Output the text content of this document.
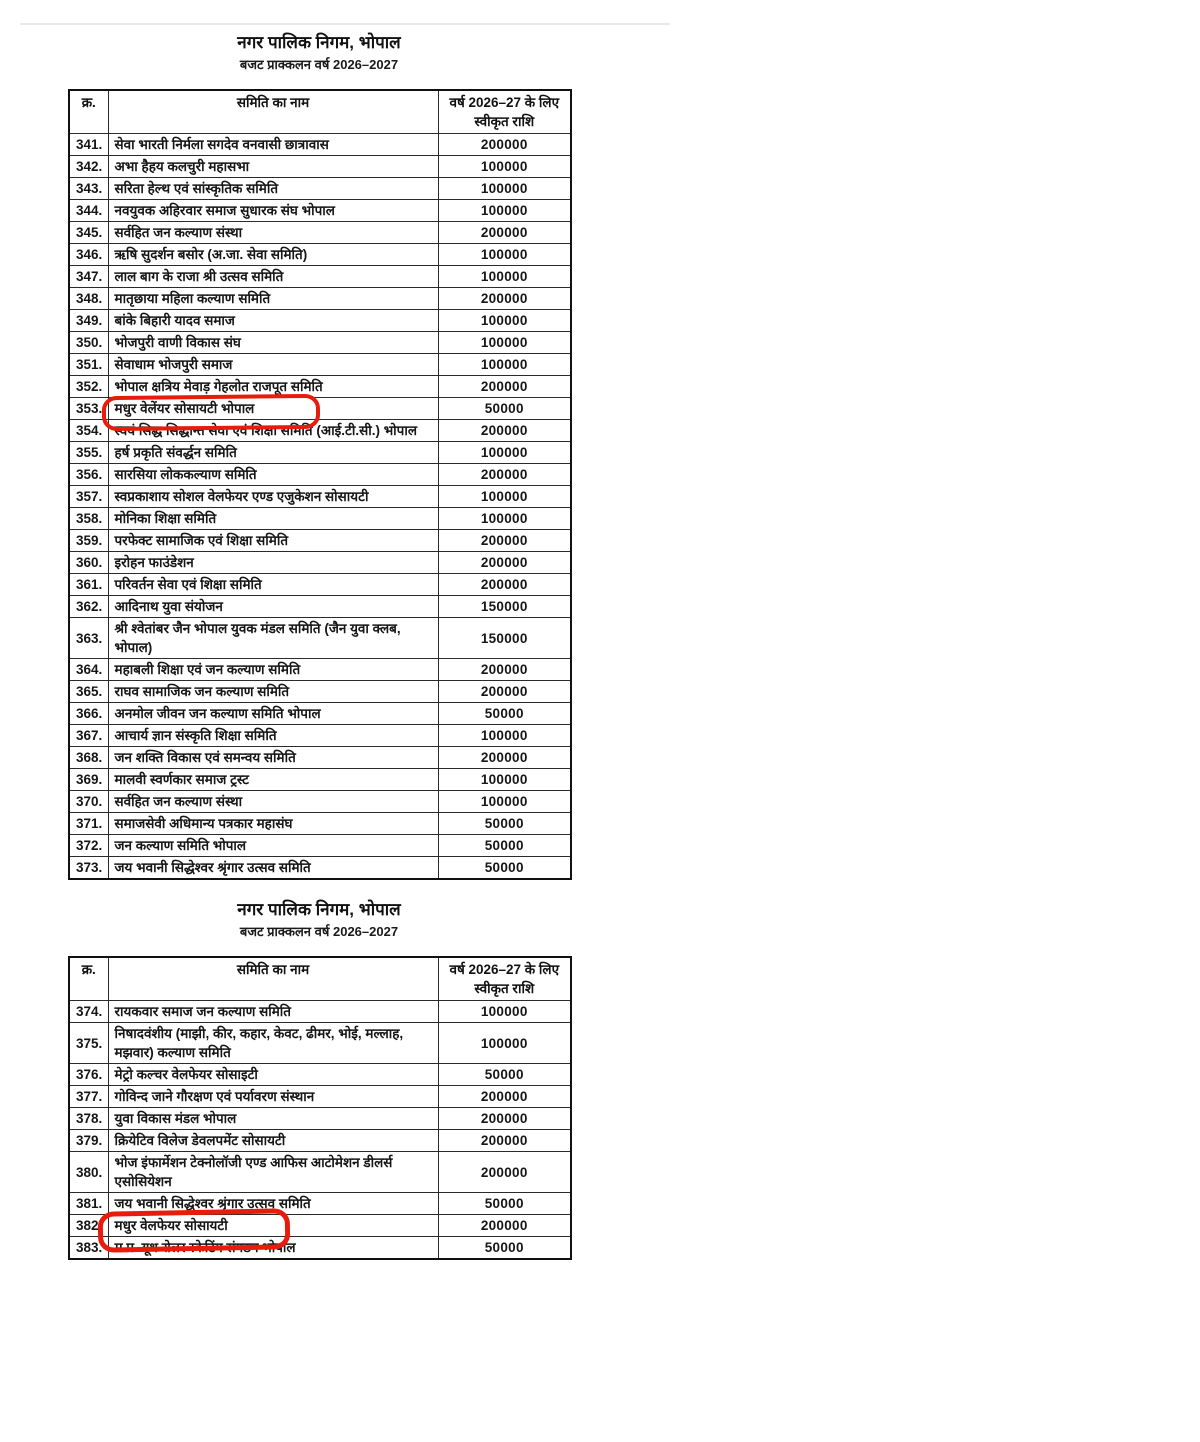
नगर पालिक निगम, भोपाल
बजट प्राक्कलन वर्ष 2026–2027
क्र.	समिति का नाम	वर्ष 2026–27 के लिए
स्वीकृत राशि

341.	सेवा भारती निर्मला सगदेव वनवासी छात्रावास	200000
342.	अभा हैहय कलचुरी महासभा	100000
343.	सरिता हेल्थ एवं सांस्कृतिक समिति	100000
344.	नवयुवक अहिरवार समाज सुधारक संघ भोपाल	100000
345.	सर्वहित जन कल्याण संस्था	200000
346.	ऋषि सुदर्शन बसोर (अ.जा. सेवा समिति)	100000
347.	लाल बाग के राजा श्री उत्सव समिति	100000
348.	मातृछाया महिला कल्याण समिति	200000
349.	बांके बिहारी यादव समाज	100000
350.	भोजपुरी वाणी विकास संघ	100000
351.	सेवाधाम भोजपुरी समाज	100000
352.	भोपाल क्षत्रिय मेवाड़ गेहलोत राजपूत समिति	200000
353.	मधुर वेलेंयर सोसायटी भोपाल	50000
354.	स्वयं सिद्ध सिद्धान्त सेवा एवं शिक्षा समिति (आई.टी.सी.) भोपाल	200000
355.	हर्ष प्रकृति संवर्द्धन समिति	100000
356.	सारसिया लोककल्याण समिति	200000
357.	स्वप्रकाशाय सोशल वेलफेयर एण्ड एजुकेशन सोसायटी	100000
358.	मोनिका शिक्षा समिति	100000
359.	परफेक्ट सामाजिक एवं शिक्षा समिति	200000
360.	इरोहन फाउंडेशन	200000
361.	परिवर्तन सेवा एवं शिक्षा समिति	200000
362.	आदिनाथ युवा संयोजन	150000
363.	श्री श्वेतांबर जैन भोपाल युवक मंडल समिति (जैन युवा क्लब, भोपाल)	150000
364.	महाबली शिक्षा एवं जन कल्याण समिति	200000
365.	राघव सामाजिक जन कल्याण समिति	200000
366.	अनमोल जीवन जन कल्याण समिति भोपाल	50000
367.	आचार्य ज्ञान संस्कृति शिक्षा समिति	100000
368.	जन शक्ति विकास एवं समन्वय समिति	200000
369.	मालवी स्वर्णकार समाज ट्रस्ट	100000
370.	सर्वहित जन कल्याण संस्था	100000
371.	समाजसेवी अधिमान्य पत्रकार महासंघ	50000
372.	जन कल्याण समिति भोपाल	50000
373.	जय भवानी सिद्धेश्वर श्रृंगार उत्सव समिति	50000
नगर पालिक निगम, भोपाल
बजट प्राक्कलन वर्ष 2026–2027
क्र.	समिति का नाम	वर्ष 2026–27 के लिए
स्वीकृत राशि

374.	रायकवार समाज जन कल्याण समिति	100000
375.	निषादवंशीय (माझी, कीर, कहार, केवट, ढीमर, भोई, मल्लाह, मझवार) कल्याण समिति	100000
376.	मेट्रो कल्चर वेलफेयर सोसाइटी	50000
377.	गोविन्द जाने गौरक्षण एवं पर्यावरण संस्थान	200000
378.	युवा विकास मंडल भोपाल	200000
379.	क्रियेटिव विलेज डेवलपमेंट सोसायटी	200000
380.	भोज इंफार्मेशन टेक्नोलॉजी एण्ड आफिस आटोमेशन डीलर्स एसोसियेशन	200000
381.	जय भवानी सिद्धेश्वर श्रृंगार उत्सव समिति	50000
382.	मधुर वेलफेयर सोसायटी	200000
383.	म.प्र. यूथ रोलर स्केटिंग संगठन भोपाल	50000
